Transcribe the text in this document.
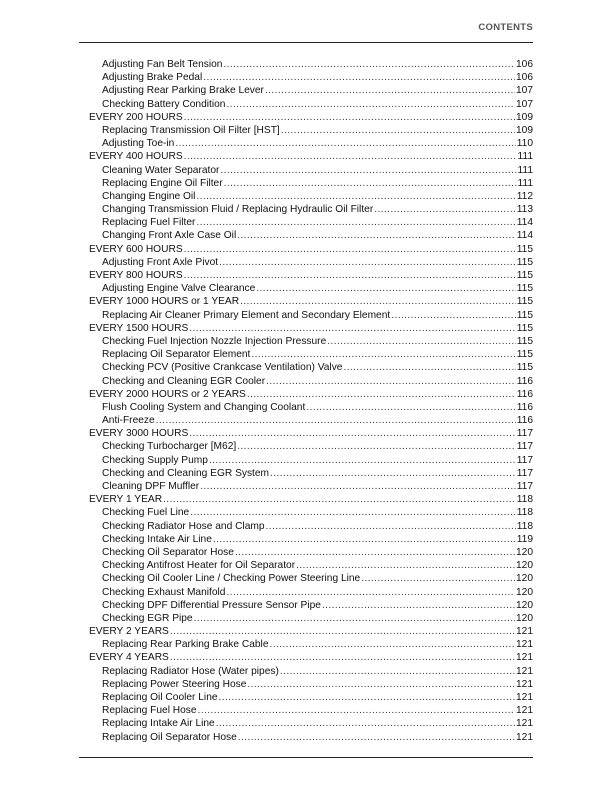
CONTENTS
Adjusting Fan Belt Tension .....	106
Adjusting Brake Pedal .....	106
Adjusting Rear Parking Brake Lever .....	107
Checking Battery Condition .....	107
EVERY 200 HOURS .....	109
Replacing Transmission Oil Filter [HST] .....	109
Adjusting Toe-in .....	110
EVERY 400 HOURS .....	111
Cleaning Water Separator .....	111
Replacing Engine Oil Filter .....	111
Changing Engine Oil .....	112
Changing Transmission Fluid / Replacing Hydraulic Oil Filter .....	113
Replacing Fuel Filter .....	114
Changing Front Axle Case Oil .....	114
EVERY 600 HOURS .....	115
Adjusting Front Axle Pivot .....	115
EVERY 800 HOURS .....	115
Adjusting Engine Valve Clearance .....	115
EVERY 1000 HOURS or 1 YEAR .....	115
Replacing Air Cleaner Primary Element and Secondary Element .....	115
EVERY 1500 HOURS .....	115
Checking Fuel Injection Nozzle Injection Pressure .....	115
Replacing Oil Separator Element .....	115
Checking PCV (Positive Crankcase Ventilation) Valve .....	115
Checking and Cleaning EGR Cooler .....	116
EVERY 2000 HOURS or 2 YEARS .....	116
Flush Cooling System and Changing Coolant .....	116
Anti-Freeze .....	116
EVERY 3000 HOURS .....	117
Checking Turbocharger [M62] .....	117
Checking Supply Pump .....	117
Checking and Cleaning EGR System .....	117
Cleaning DPF Muffler .....	117
EVERY 1 YEAR .....	118
Checking Fuel Line .....	118
Checking Radiator Hose and Clamp .....	118
Checking Intake Air Line .....	119
Checking Oil Separator Hose .....	120
Checking Antifrost Heater for Oil Separator .....	120
Checking Oil Cooler Line / Checking Power Steering Line .....	120
Checking Exhaust Manifold .....	120
Checking DPF Differential Pressure Sensor Pipe .....	120
Checking EGR Pipe .....	120
EVERY 2 YEARS .....	121
Replacing Rear Parking Brake Cable .....	121
EVERY 4 YEARS .....	121
Replacing Radiator Hose (Water pipes) .....	121
Replacing Power Steering Hose .....	121
Replacing Oil Cooler Line .....	121
Replacing Fuel Hose .....	121
Replacing Intake Air Line .....	121
Replacing Oil Separator Hose .....	121
